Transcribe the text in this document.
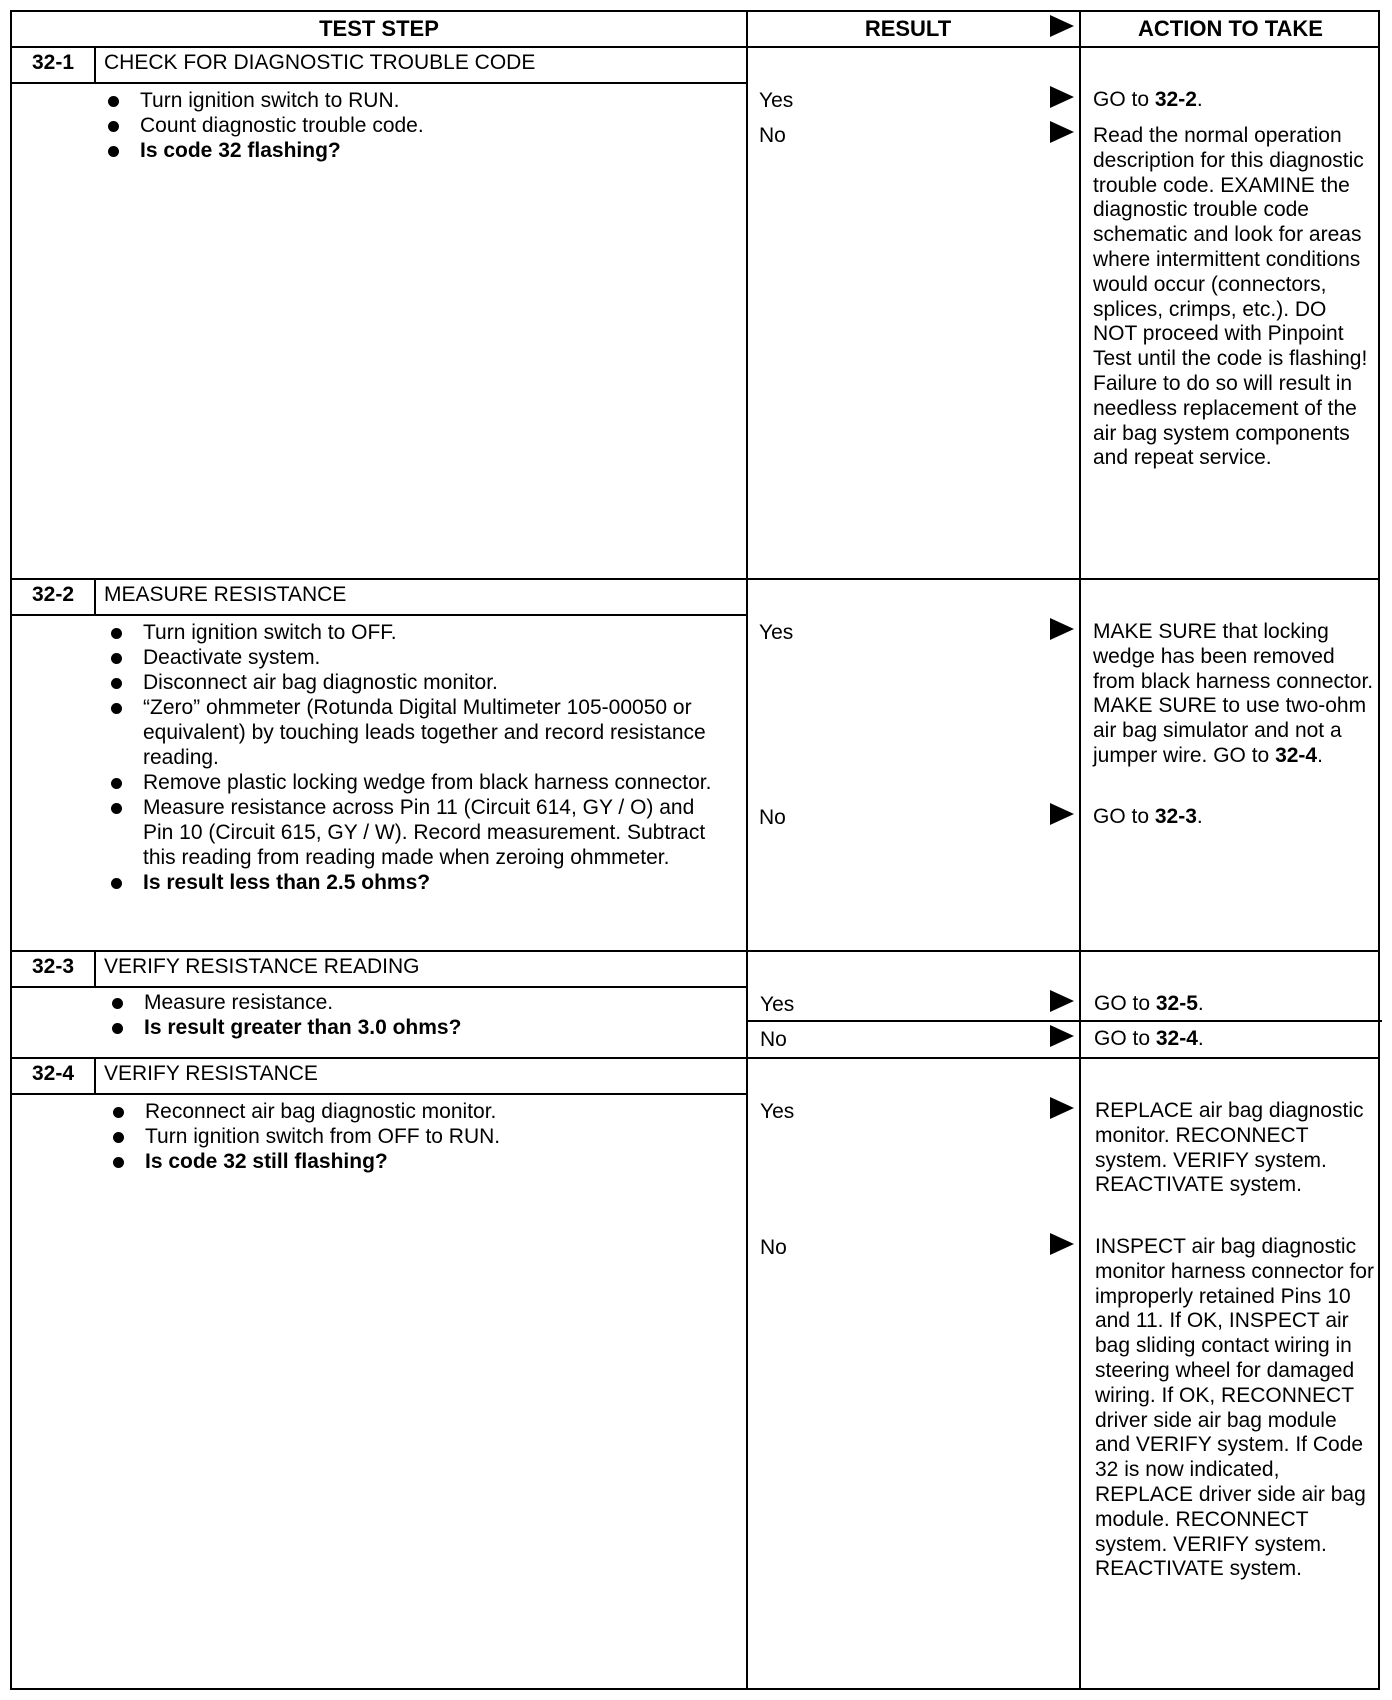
TEST STEP	RESULT	ACTION TO TAKE
32-1	CHECK FOR DIAGNOSTIC TROUBLE CODE
Turn ignition switch to RUN.
Count diagnostic trouble code.
Is code 32 flashing?
Yes	GO to 32-2.
No	Read the normal operation description for this diagnostic trouble code. EXAMINE the diagnostic trouble code schematic and look for areas where intermittent conditions would occur (connectors, splices, crimps, etc.). DO NOT proceed with Pinpoint Test until the code is flashing! Failure to do so will result in needless replacement of the air bag system components and repeat service.
32-2	MEASURE RESISTANCE
Turn ignition switch to OFF.
Deactivate system.
Disconnect air bag diagnostic monitor.
“Zero” ohmmeter (Rotunda Digital Multimeter 105-00050 or equivalent) by touching leads together and record resistance reading.
Remove plastic locking wedge from black harness connector.
Measure resistance across Pin 11 (Circuit 614, GY / O) and Pin 10 (Circuit 615, GY / W). Record measurement. Subtract this reading from reading made when zeroing ohmmeter.
Is result less than 2.5 ohms?
Yes	MAKE SURE that locking wedge has been removed from black harness connector. MAKE SURE to use two-ohm air bag simulator and not a jumper wire. GO to 32-4.
No	GO to 32-3.
32-3	VERIFY RESISTANCE READING
Measure resistance.
Is result greater than 3.0 ohms?
Yes	GO to 32-5.
No	GO to 32-4.
32-4	VERIFY RESISTANCE
Reconnect air bag diagnostic monitor.
Turn ignition switch from OFF to RUN.
Is code 32 still flashing?
Yes	REPLACE air bag diagnostic monitor. RECONNECT system. VERIFY system. REACTIVATE system.
No	INSPECT air bag diagnostic monitor harness connector for improperly retained Pins 10 and 11. If OK, INSPECT air bag sliding contact wiring in steering wheel for damaged wiring. If OK, RECONNECT driver side air bag module and VERIFY system. If Code 32 is now indicated, REPLACE driver side air bag module. RECONNECT system. VERIFY system. REACTIVATE system.
